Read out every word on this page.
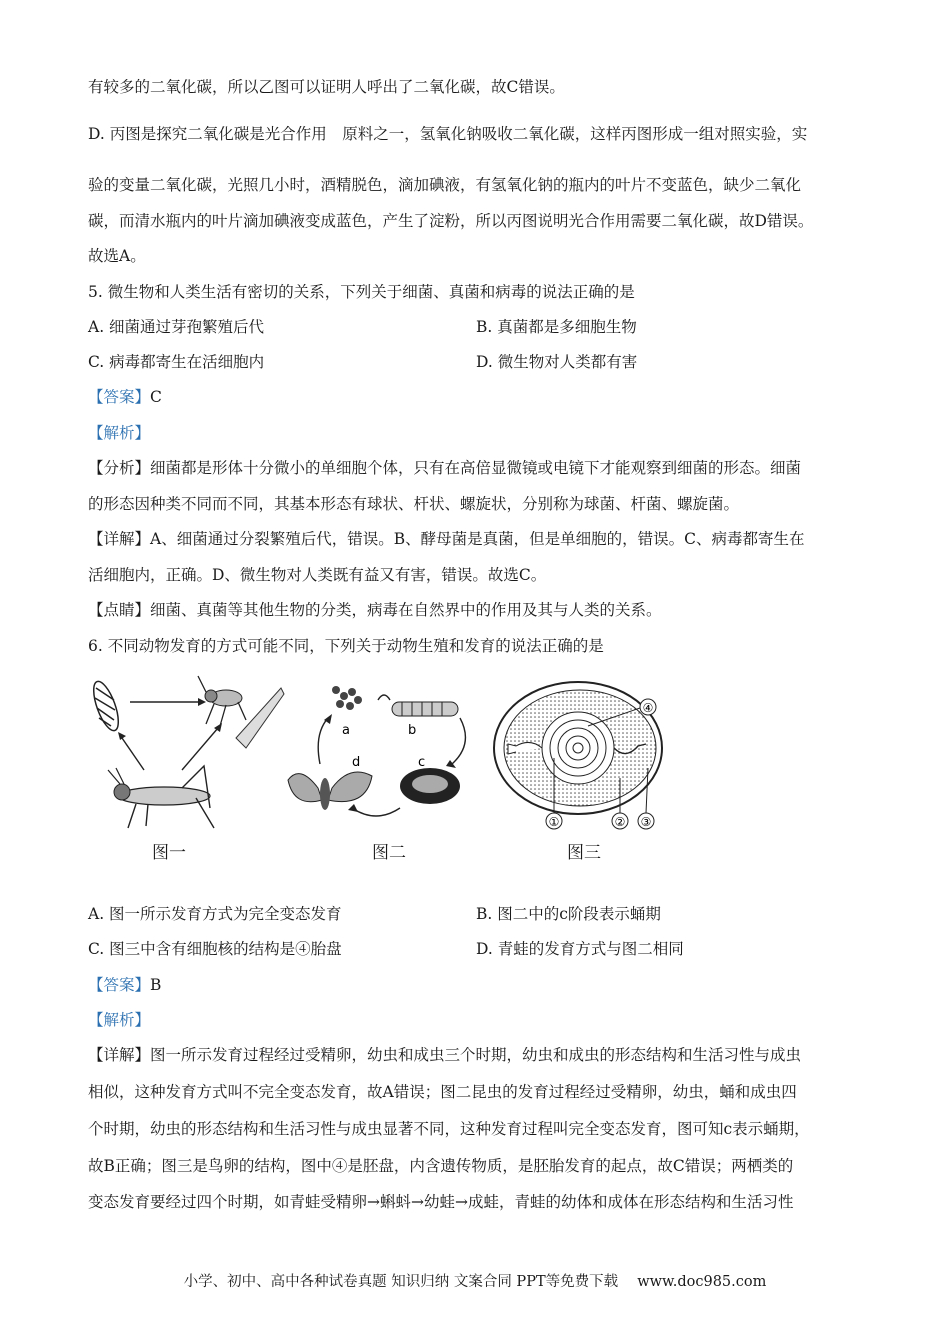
有较多的二氧化碳，所以乙图可以证明人呼出了二氧化碳，故C错误。
D. 丙图是探究二氧化碳是光合作用　原料之一，氢氧化钠吸收二氧化碳，这样丙图形成一组对照实验，实
验的变量二氧化碳，光照几小时，酒精脱色，滴加碘液，有氢氧化钠的瓶内的叶片不变蓝色，缺少二氧化
碳，而清水瓶内的叶片滴加碘液变成蓝色，产生了淀粉，所以丙图说明光合作用需要二氧化碳，故D错误。
故选A。
5. 微生物和人类生活有密切的关系，下列关于细菌、真菌和病毒的说法正确的是
A. 细菌通过芽孢繁殖后代	B. 真菌都是多细胞生物
C. 病毒都寄生在活细胞内	D. 微生物对人类都有害
【答案】C
【解析】
【分析】细菌都是形体十分微小的单细胞个体，只有在高倍显微镜或电镜下才能观察到细菌的形态。细菌
的形态因种类不同而不同，其基本形态有球状、杆状、螺旋状，分别称为球菌、杆菌、螺旋菌。
【详解】A、细菌通过分裂繁殖后代，错误。B、酵母菌是真菌，但是单细胞的，错误。C、病毒都寄生在
活细胞内，正确。D、微生物对人类既有益又有害，错误。故选C。
【点睛】细菌、真菌等其他生物的分类，病毒在自然界中的作用及其与人类的关系。
6. 不同动物发育的方式可能不同，下列关于动物生殖和发育的说法正确的是
图一
a	b
c
d
图二
④
①	② ③
图三
A. 图一所示发育方式为完全变态发育	B. 图二中的c阶段表示蛹期
C. 图三中含有细胞核的结构是④胎盘	D. 青蛙的发育方式与图二相同
【答案】B
【解析】
【详解】图一所示发育过程经过受精卵，幼虫和成虫三个时期，幼虫和成虫的形态结构和生活习性与成虫
相似，这种发育方式叫不完全变态发育，故A错误；图二昆虫的发育过程经过受精卵，幼虫，蛹和成虫四
个时期，幼虫的形态结构和生活习性与成虫显著不同，这种发育过程叫完全变态发育，图可知c表示蛹期，
故B正确；图三是鸟卵的结构，图中④是胚盘，内含遗传物质，是胚胎发育的起点，故C错误；两栖类的
变态发育要经过四个时期，如青蛙受精卵→蝌蚪→幼蛙→成蛙，青蛙的幼体和成体在形态结构和生活习性
小学、初中、高中各种试卷真题 知识归纳 文案合同 PPT等免费下载　 www.doc985.com
